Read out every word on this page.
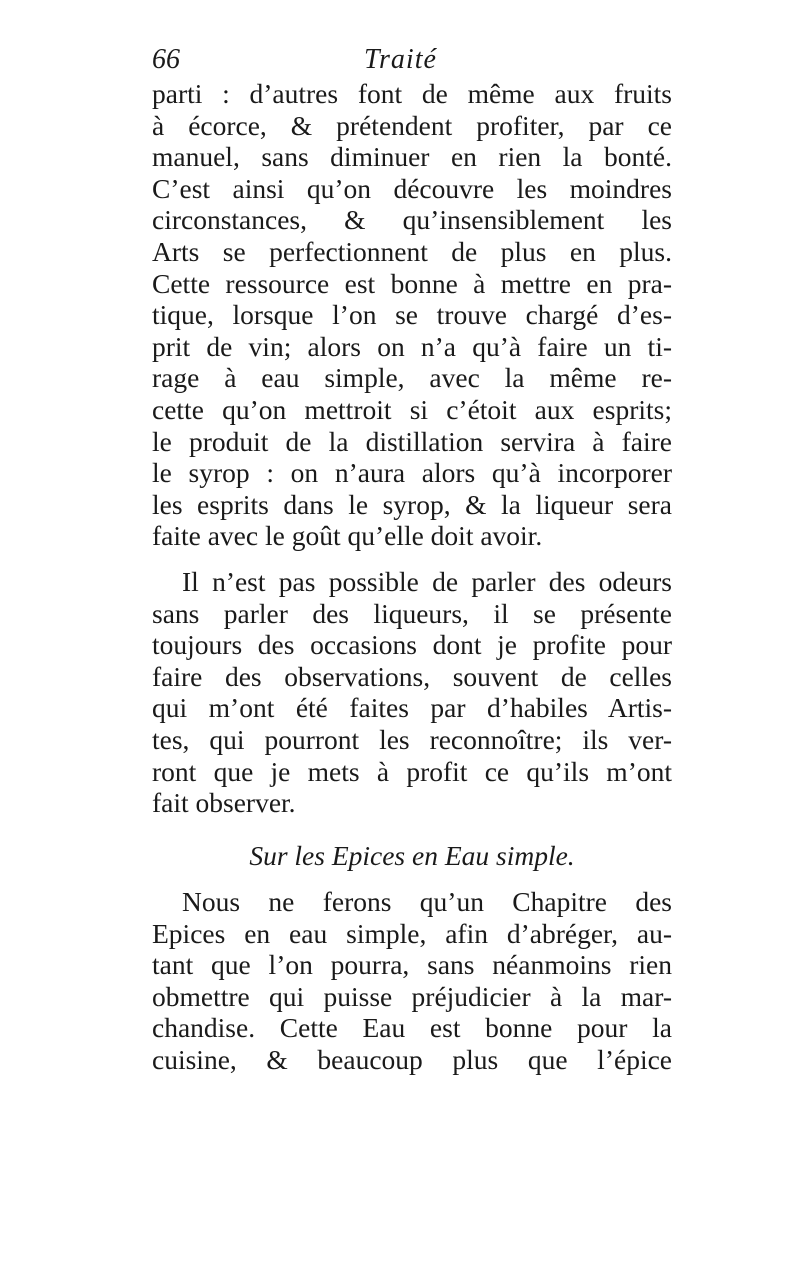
66	Traité
parti : d’autres font de même aux fruits
à écorce, & prétendent profiter, par ce
manuel, sans diminuer en rien la bonté.
C’est ainsi qu’on découvre les moindres
circonstances, & qu’insensiblement les
Arts se perfectionnent de plus en plus.
Cette ressource est bonne à mettre en pra-
tique, lorsque l’on se trouve chargé d’es-
prit de vin; alors on n’a qu’à faire un ti-
rage à eau simple, avec la même re-
cette qu’on mettroit si c’étoit aux esprits;
le produit de la distillation servira à faire
le syrop : on n’aura alors qu’à incorporer
les esprits dans le syrop, & la liqueur sera
faite avec le goût qu’elle doit avoir.
Il n’est pas possible de parler des odeurs
sans parler des liqueurs, il se présente
toujours des occasions dont je profite pour
faire des observations, souvent de celles
qui m’ont été faites par d’habiles Artis-
tes, qui pourront les reconnoître; ils ver-
ront que je mets à profit ce qu’ils m’ont
fait observer.
Sur les Epices en Eau simple.
Nous ne ferons qu’un Chapitre des
Epices en eau simple, afin d’abréger, au-
tant que l’on pourra, sans néanmoins rien
obmettre qui puisse préjudicier à la mar-
chandise. Cette Eau est bonne pour la
cuisine, & beaucoup plus que l’épice
